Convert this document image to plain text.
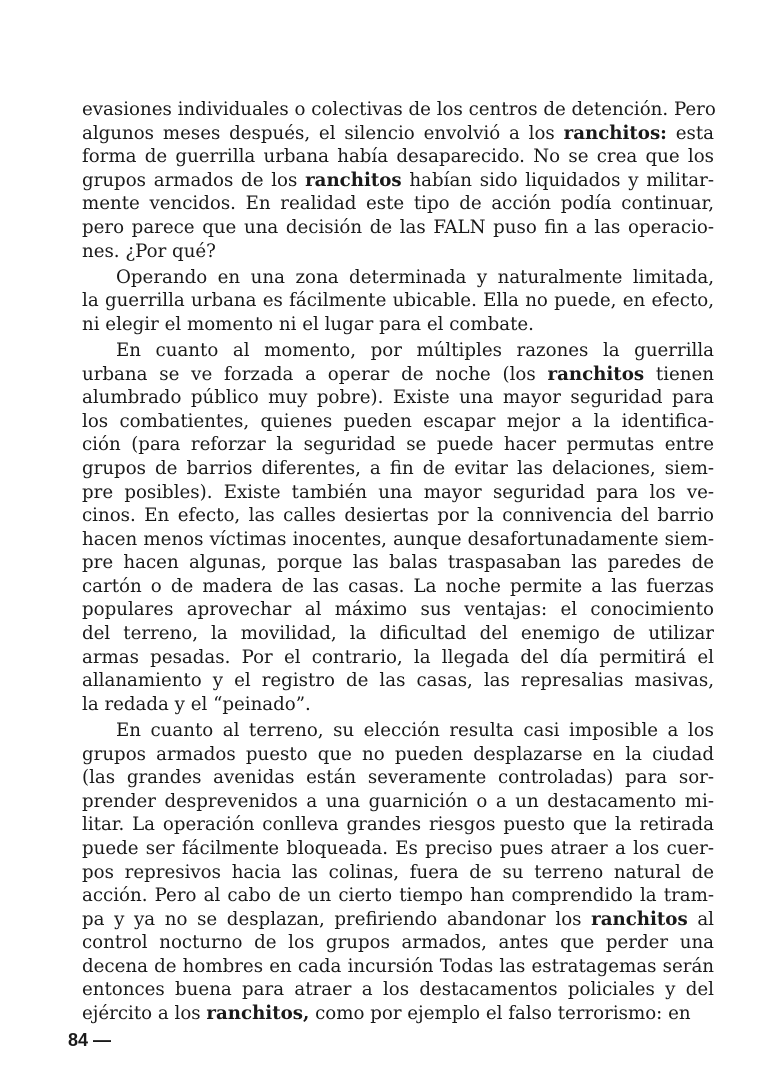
evasiones individuales o colectivas de los centros de detención. Pero
algunos meses después, el silencio envolvió a los ranchitos: esta
forma de guerrilla urbana había desaparecido. No se crea que los
grupos armados de los ranchitos habían sido liquidados y militar-
mente vencidos. En realidad este tipo de acción podía continuar,
pero parece que una decisión de las FALN puso fin a las operacio-
nes. ¿Por qué?
Operando en una zona determinada y naturalmente limitada,
la guerrilla urbana es fácilmente ubicable. Ella no puede, en efecto,
ni elegir el momento ni el lugar para el combate.
En cuanto al momento, por múltiples razones la guerrilla
urbana se ve forzada a operar de noche (los ranchitos tienen
alumbrado público muy pobre). Existe una mayor seguridad para
los combatientes, quienes pueden escapar mejor a la identifica-
ción (para reforzar la seguridad se puede hacer permutas entre
grupos de barrios diferentes, a fin de evitar las delaciones, siem-
pre posibles). Existe también una mayor seguridad para los ve-
cinos. En efecto, las calles desiertas por la connivencia del barrio
hacen menos víctimas inocentes, aunque desafortunadamente siem-
pre hacen algunas, porque las balas traspasaban las paredes de
cartón o de madera de las casas. La noche permite a las fuerzas
populares aprovechar al máximo sus ventajas: el conocimiento
del terreno, la movilidad, la dificultad del enemigo de utilizar
armas pesadas. Por el contrario, la llegada del día permitirá el
allanamiento y el registro de las casas, las represalias masivas,
la redada y el “peinado”.
En cuanto al terreno, su elección resulta casi imposible a los
grupos armados puesto que no pueden desplazarse en la ciudad
(las grandes avenidas están severamente controladas) para sor-
prender desprevenidos a una guarnición o a un destacamento mi-
litar. La operación conlleva grandes riesgos puesto que la retirada
puede ser fácilmente bloqueada. Es preciso pues atraer a los cuer-
pos represivos hacia las colinas, fuera de su terreno natural de
acción. Pero al cabo de un cierto tiempo han comprendido la tram-
pa y ya no se desplazan, prefiriendo abandonar los ranchitos al
control nocturno de los grupos armados, antes que perder una
decena de hombres en cada incursión Todas las estratagemas serán
entonces buena para atraer a los destacamentos policiales y del
ejército a los ranchitos, como por ejemplo el falso terrorismo: en
84 —
